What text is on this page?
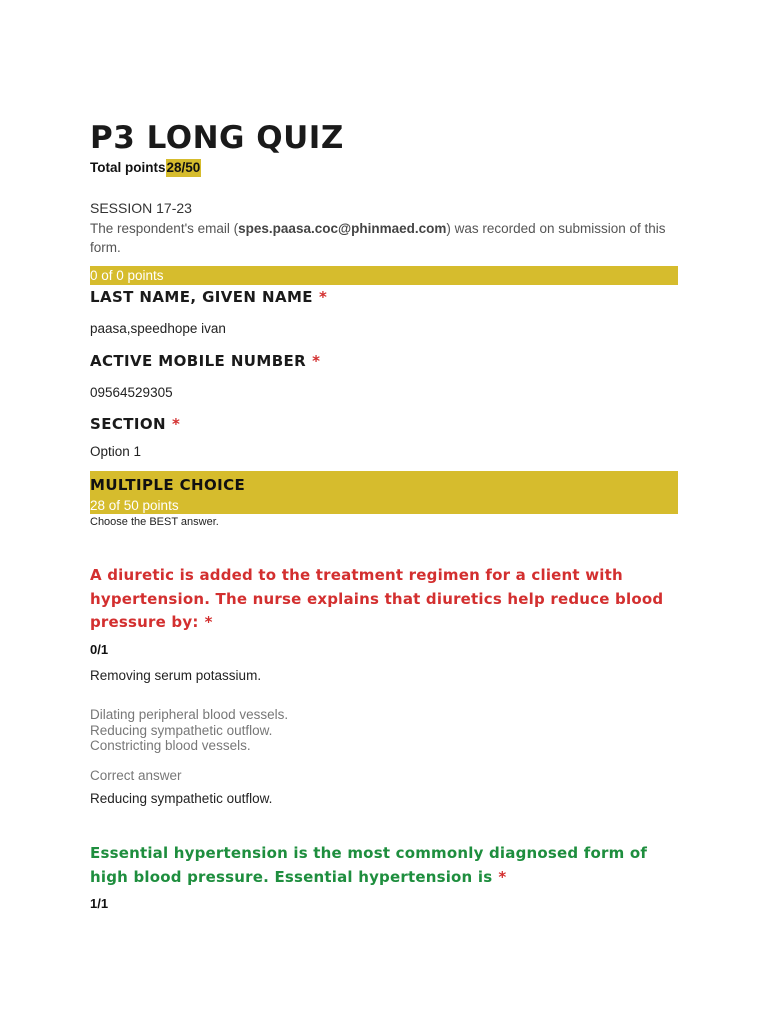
P3 LONG QUIZ
Total points28/50
SESSION 17-23
The respondent's email (spes.paasa.coc@phinmaed.com) was recorded on submission of this form.
0 of 0 points
LAST NAME, GIVEN NAME *
paasa,speedhope ivan
ACTIVE MOBILE NUMBER *
09564529305
SECTION *
Option 1
MULTIPLE CHOICE
28 of 50 points
Choose the BEST answer.
A diuretic is added to the treatment regimen for a client with hypertension. The nurse explains that diuretics help reduce blood pressure by: *
0/1
Removing serum potassium.
Dilating peripheral blood vessels.
Reducing sympathetic outflow.
Constricting blood vessels.
Correct answer
Reducing sympathetic outflow.
Essential hypertension is the most commonly diagnosed form of high blood pressure. Essential hypertension is *
1/1
